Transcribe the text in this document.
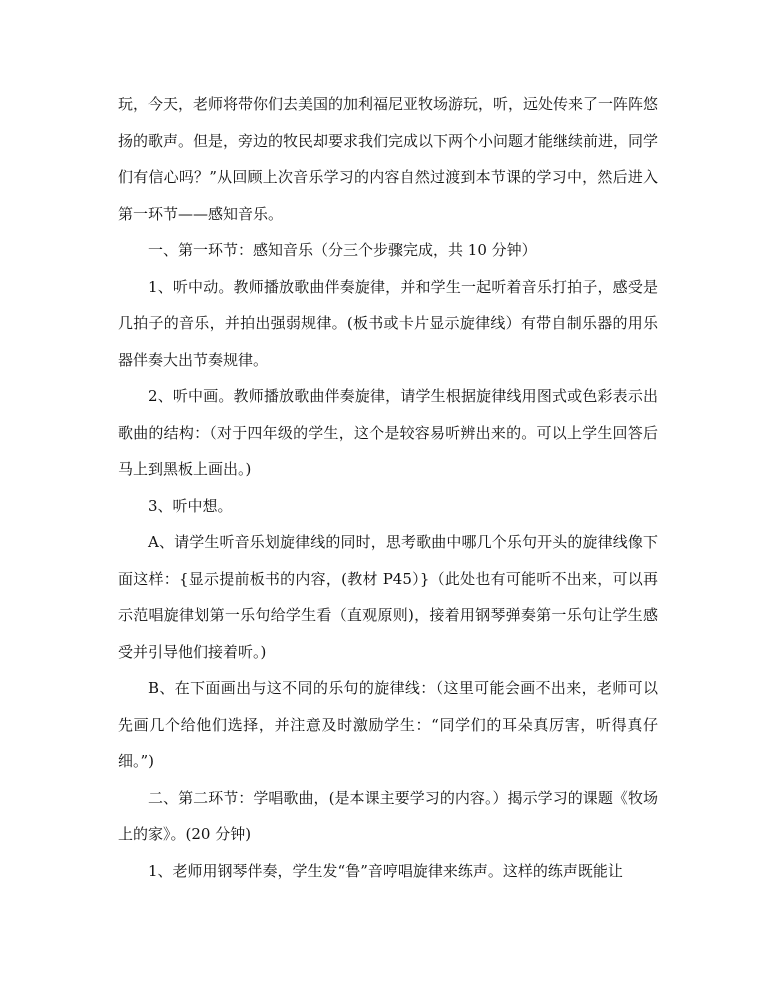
玩，今天，老师将带你们去美国的加利福尼亚牧场游玩，听，远处传来了一阵阵悠扬的歌声。但是，旁边的牧民却要求我们完成以下两个小问题才能继续前进，同学们有信心吗？”从回顾上次音乐学习的内容自然过渡到本节课的学习中，然后进入第一环节——感知音乐。

一、第一环节：感知音乐（分三个步骤完成，共 10 分钟）

1、听中动。教师播放歌曲伴奏旋律，并和学生一起听着音乐打拍子，感受是几拍子的音乐，并拍出强弱规律。(板书或卡片显示旋律线）有带自制乐器的用乐器伴奏大出节奏规律。

2、听中画。教师播放歌曲伴奏旋律，请学生根据旋律线用图式或色彩表示出歌曲的结构：（对于四年级的学生，这个是较容易听辨出来的。可以上学生回答后马上到黑板上画出。)

3、听中想。

A、请学生听音乐划旋律线的同时，思考歌曲中哪几个乐句开头的旋律线像下面这样：{显示提前板书的内容，(教材 P45）}（此处也有可能听不出来，可以再示范唱旋律划第一乐句给学生看（直观原则)，接着用钢琴弹奏第一乐句让学生感受并引导他们接着听。)

B、在下面画出与这不同的乐句的旋律线：（这里可能会画不出来，老师可以先画几个给他们选择，并注意及时激励学生：“同学们的耳朵真厉害，听得真仔细。”)

二、第二环节：学唱歌曲，(是本课主要学习的内容。）揭示学习的课题《牧场上的家》。(20 分钟)

1、老师用钢琴伴奏，学生发“鲁”音哼唱旋律来练声。这样的练声既能让
